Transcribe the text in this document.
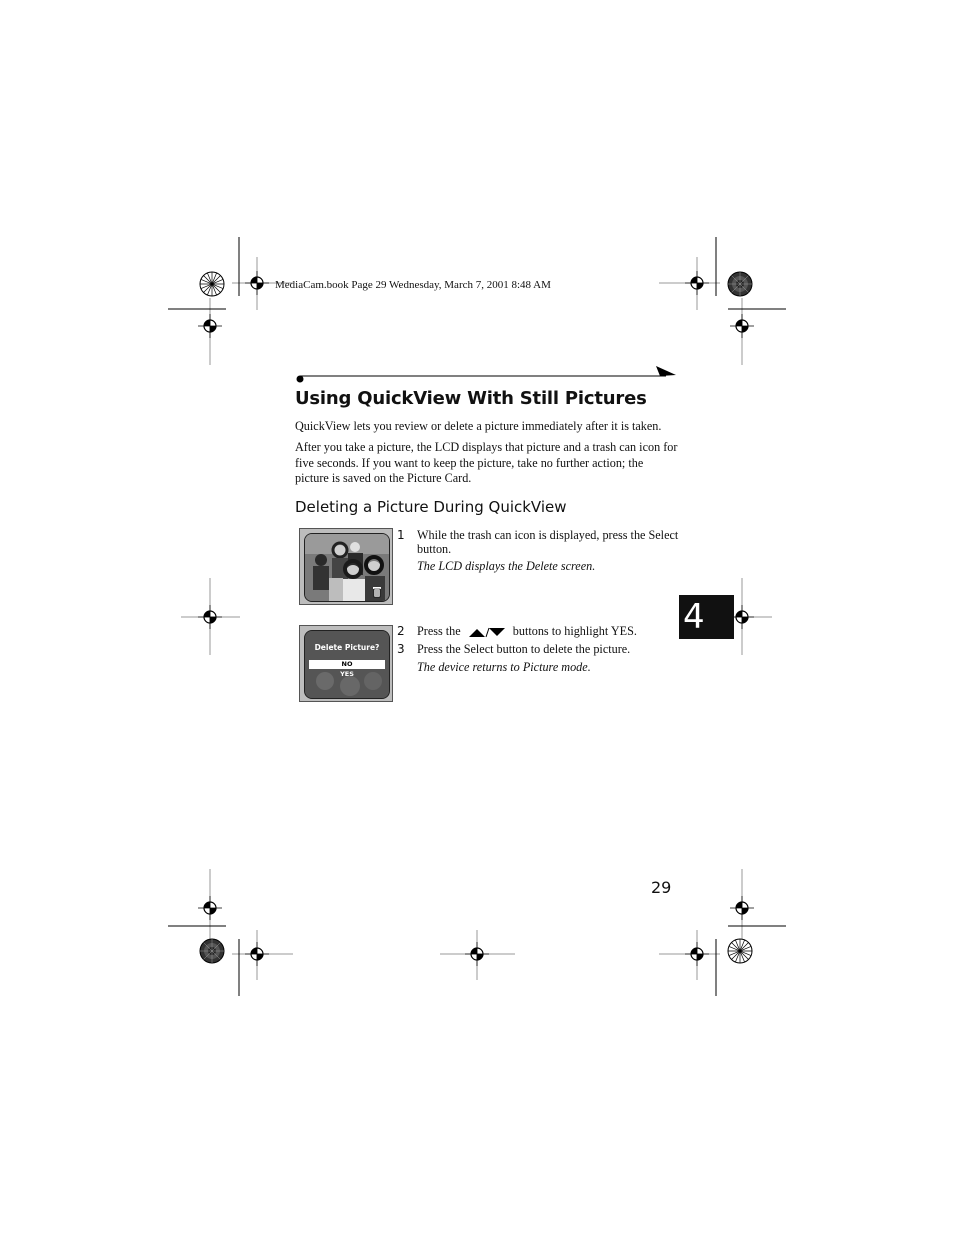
MediaCam.book Page 29 Wednesday, March 7, 2001 8:48 AM
Using QuickView With Still Pictures

QuickView lets you review or delete a picture immediately after it is taken.

After you take a picture, the LCD displays that picture and a trash can icon for five seconds. If you want to keep the picture, take no further action; the picture is saved on the Picture Card.

Deleting a Picture During QuickView
1 While the trash can icon is displayed, press the Select button.

The LCD displays the Delete screen.

Delete Picture?
NO
YES
2 Press the	buttons to highlight YES.

3 Press the Select button to delete the picture.

The device returns to Picture mode.

4
29
